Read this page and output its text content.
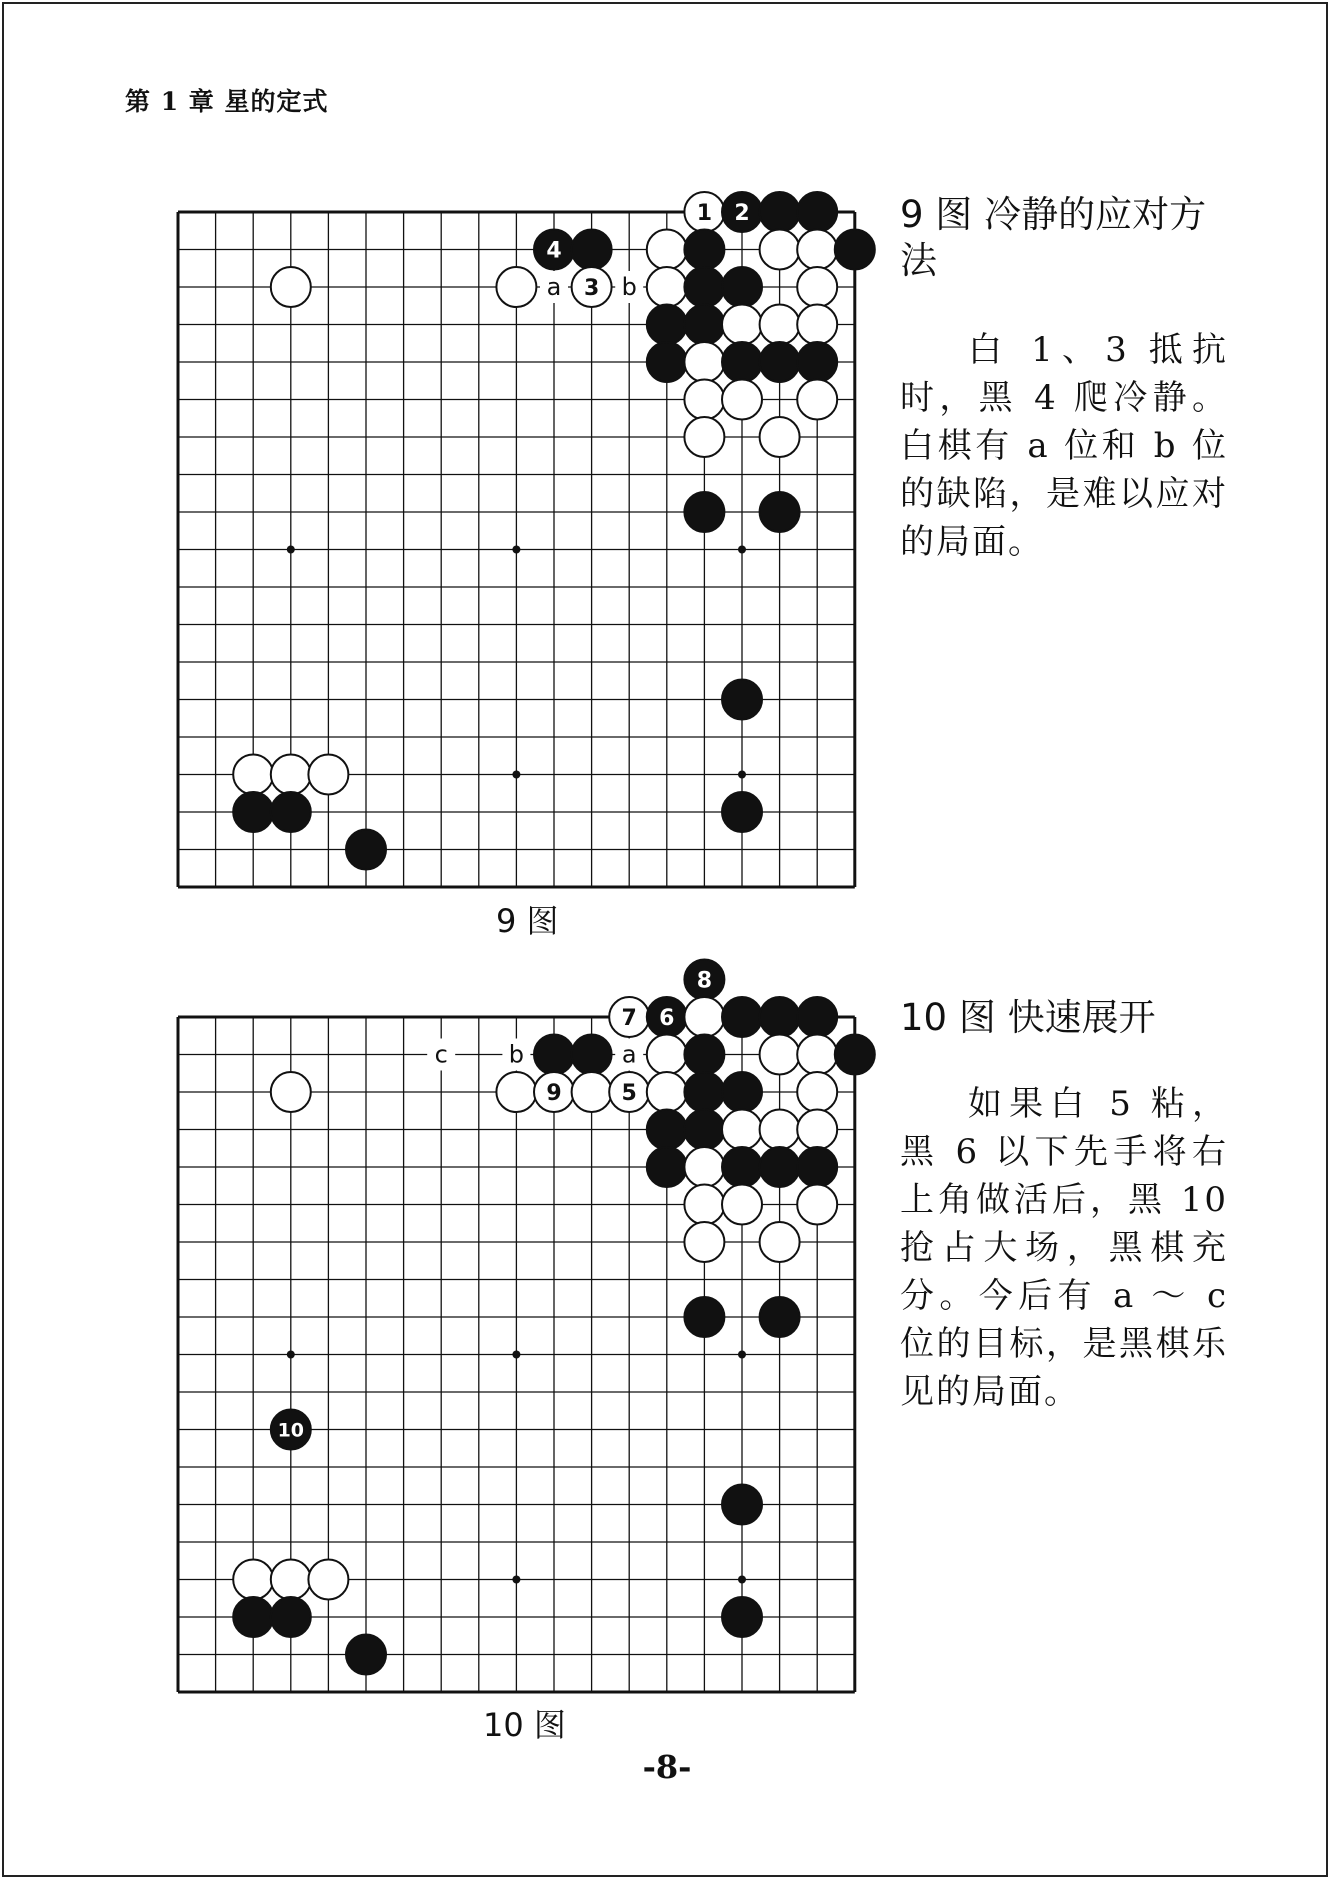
第 1 章 星的定式
a	b
1 2
4
3
9 图 冷静的应对方法
白 1、3 抵抗时，黑 4 爬冷静。白棋有 a 位和 b 位的缺陷，是难以应对的局面。
9 图
c	b	a
8
7 6
9	5
10
10 图 快速展开
如果白 5 粘，黑 6 以下先手将右上角做活后，黑 10 抢占大场，黑棋充分。今后有 a ～ c 位的目标，是黑棋乐见的局面。
10 图
-8-
